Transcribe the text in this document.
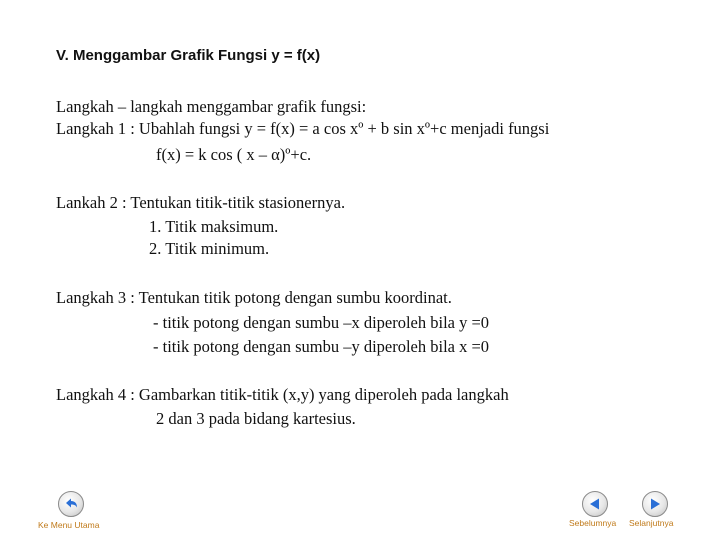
V. Menggambar Grafik Fungsi y = f(x)
Langkah – langkah menggambar grafik fungsi:
Langkah 1 : Ubahlah fungsi y = f(x) = a cos xº + b sin xº+c menjadi fungsi
f(x) = k cos ( x – α)º+c.
Lankah 2 : Tentukan titik-titik stasionernya.
1. Titik maksimum.
2. Titik minimum.
Langkah 3 : Tentukan titik potong dengan sumbu koordinat.
- titik potong dengan sumbu –x diperoleh bila y =0
- titik potong dengan sumbu –y diperoleh bila x =0
Langkah 4 : Gambarkan titik-titik (x,y) yang diperoleh pada langkah
2 dan 3 pada bidang kartesius.
Ke Menu Utama	Sebelumnya Selanjutnya
